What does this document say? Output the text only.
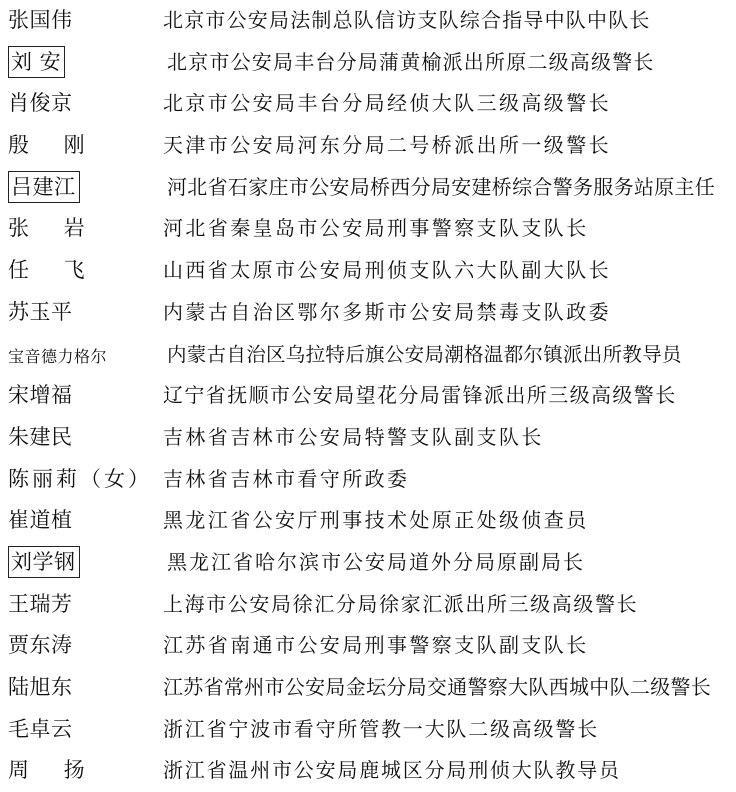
张国伟	北京市公安局法制总队信访支队综合指导中队中队长
刘 安	北京市公安局丰台分局蒲黄榆派出所原二级高级警长
肖俊京	北京市公安局丰台分局经侦大队三级高级警长
殷 刚	天津市公安局河东分局二号桥派出所一级警长
吕建江	河北省石家庄市公安局桥西分局安建桥综合警务服务站原主任
张 岩	河北省秦皇岛市公安局刑事警察支队支队长
任 飞	山西省太原市公安局刑侦支队六大队副大队长
苏玉平	内蒙古自治区鄂尔多斯市公安局禁毒支队政委
宝音德力格尔	内蒙古自治区乌拉特后旗公安局潮格温都尔镇派出所教导员
宋增福	辽宁省抚顺市公安局望花分局雷锋派出所三级高级警长
朱建民	吉林省吉林市公安局特警支队副支队长
陈丽莉（女） 吉林省吉林市看守所政委
崔道植	黑龙江省公安厅刑事技术处原正处级侦查员
刘学钢	黑龙江省哈尔滨市公安局道外分局原副局长
王瑞芳	上海市公安局徐汇分局徐家汇派出所三级高级警长
贾东涛	江苏省南通市公安局刑事警察支队副支队长
陆旭东	江苏省常州市公安局金坛分局交通警察大队西城中队二级警长
毛卓云	浙江省宁波市看守所管教一大队二级高级警长
周 扬	浙江省温州市公安局鹿城区分局刑侦大队教导员
